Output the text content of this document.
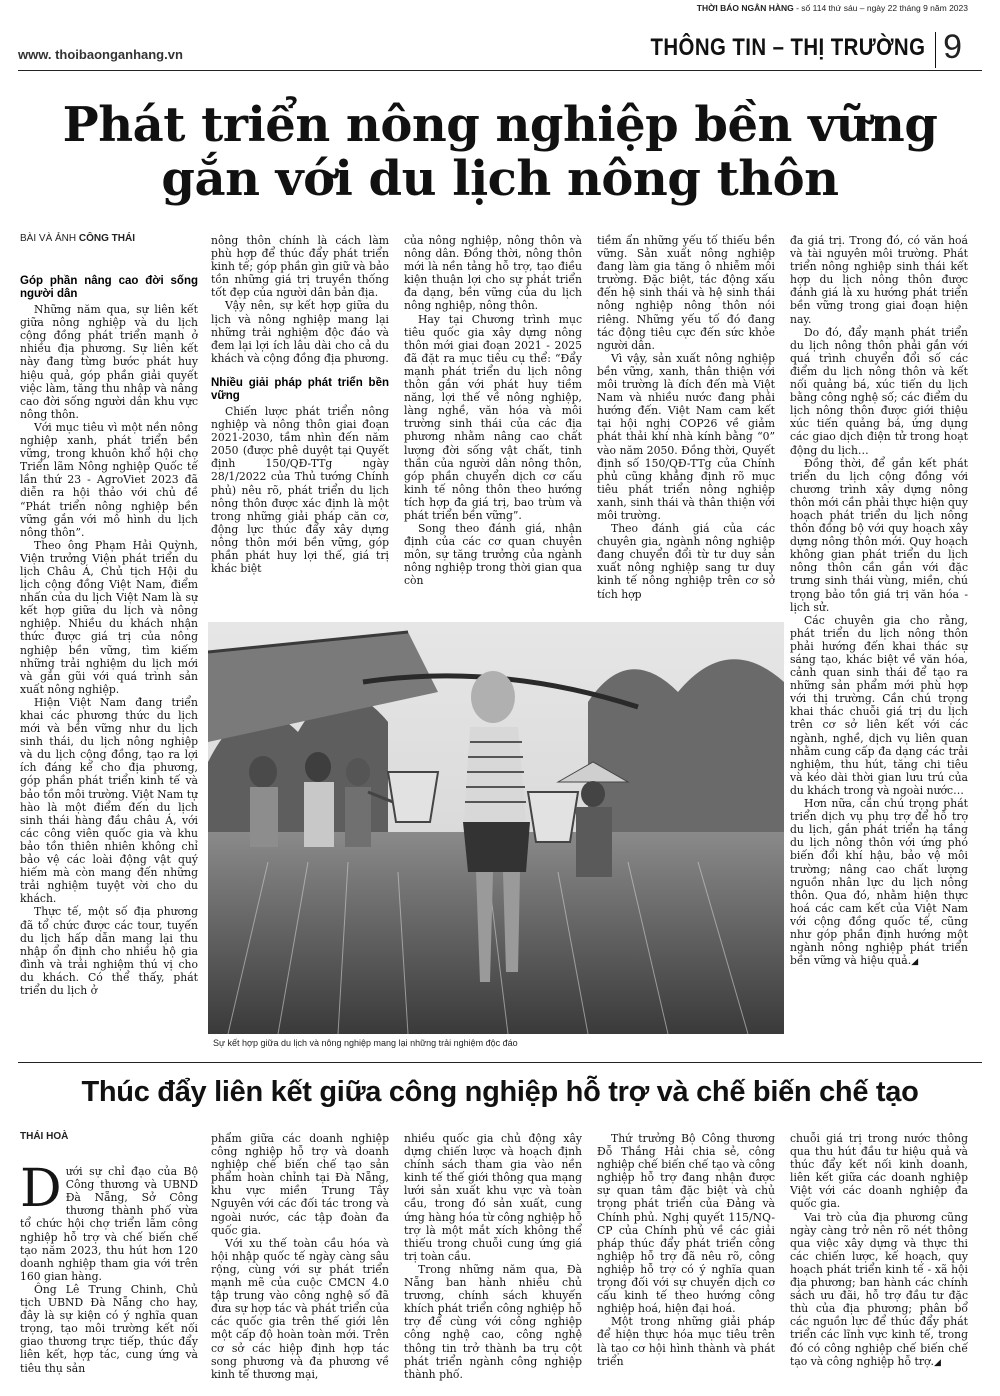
THỜI BÁO NGÂN HÀNG - số 114 thứ sáu – ngày 22 tháng 9 năm 2023
www. thoibaonganhang.vn	THÔNG TIN – THỊ TRƯỜNG 9
Phát triển nông nghiệp bền vững
gắn với du lịch nông thôn
BÀI VÀ ẢNH CÔNG THÁI
Góp phần nâng cao đời sống người dân

Những năm qua, sự liên kết giữa nông nghiệp và du lịch cộng đồng phát triển mạnh ở nhiều địa phương. Sự liên kết này đang từng bước phát huy hiệu quả, góp phần giải quyết việc làm, tăng thu nhập và nâng cao đời sống người dân khu vực nông thôn.

Với mục tiêu vì một nền nông nghiệp xanh, phát triển bền vững, trong khuôn khổ hội chợ Triển lãm Nông nghiệp Quốc tế lần thứ 23 - AgroViet 2023 đã diễn ra hội thảo với chủ đề “Phát triển nông nghiệp bền vững gắn với mô hình du lịch nông thôn”.

Theo ông Phạm Hải Quỳnh, Viện trưởng Viện phát triển du lịch Châu Á, Chủ tịch Hội du lịch cộng đồng Việt Nam, điểm nhấn của du lịch Việt Nam là sự kết hợp giữa du lịch và nông nghiệp. Nhiều du khách nhận thức được giá trị của nông nghiệp bền vững, tìm kiếm những trải nghiệm du lịch mới và gắn gũi với quá trình sản xuất nông nghiệp.

Hiện Việt Nam đang triển khai các phương thức du lịch mới và bền vững như du lịch sinh thái, du lịch nông nghiệp và du lịch cộng đồng, tạo ra lợi ích đáng kể cho địa phương, góp phần phát triển kinh tế và bảo tồn môi trường. Việt Nam tự hào là một điểm đến du lịch sinh thái hàng đầu châu Á, với các công viên quốc gia và khu bảo tồn thiên nhiên không chỉ bảo vệ các loài động vật quý hiếm mà còn mang đến những trải nghiệm tuyệt vời cho du khách.

Thực tế, một số địa phương đã tổ chức được các tour, tuyến du lịch hấp dẫn mang lại thu nhập ổn định cho nhiều hộ gia đình và trải nghiệm thú vị cho du khách. Có thể thấy, phát triển du lịch ở

nông thôn chính là cách làm phù hợp để thúc đẩy phát triển kinh tế; góp phần gìn giữ và bảo tồn những giá trị truyền thống tốt đẹp của người dân bản địa.

Vậy nên, sự kết hợp giữa du lịch và nông nghiệp mang lại những trải nghiệm độc đáo và đem lại lợi ích lâu dài cho cả du khách và cộng đồng địa phương.

Nhiều giải pháp phát triển bền vững

Chiến lược phát triển nông nghiệp và nông thôn giai đoạn 2021-2030, tầm nhìn đến năm 2050 (được phê duyệt tại Quyết định 150/QĐ-TTg ngày 28/1/2022 của Thủ tướng Chính phủ) nêu rõ, phát triển du lịch nông thôn được xác định là một trong những giải pháp căn cơ, động lực thúc đẩy xây dựng nông thôn mới bền vững, góp phần phát huy lợi thế, giá trị khác biệt

của nông nghiệp, nông thôn và nông dân. Đồng thời, nông thôn mới là nền tảng hỗ trợ, tạo điều kiện thuận lợi cho sự phát triển đa dạng, bền vững của du lịch nông nghiệp, nông thôn.

Hay tại Chương trình mục tiêu quốc gia xây dựng nông thôn mới giai đoạn 2021 - 2025 đã đặt ra mục tiêu cụ thể: “Đẩy mạnh phát triển du lịch nông thôn gắn với phát huy tiềm năng, lợi thế về nông nghiệp, làng nghề, văn hóa và môi trường sinh thái của các địa phương nhằm nâng cao chất lượng đời sống vật chất, tinh thần của người dân nông thôn, góp phần chuyển dịch cơ cấu kinh tế nông thôn theo hướng tích hợp đa giá trị, bao trùm và phát triển bền vững”.

Song theo đánh giá, nhận định của các cơ quan chuyên môn, sự tăng trưởng của ngành nông nghiệp trong thời gian qua còn

tiềm ẩn những yếu tố thiếu bền vững. Sản xuất nông nghiệp đang làm gia tăng ô nhiễm môi trường. Đặc biệt, tác động xấu đến hệ sinh thái và hệ sinh thái nông nghiệp nông thôn nói riêng. Những yếu tố đó đang tác động tiêu cực đến sức khỏe người dân.

Vì vậy, sản xuất nông nghiệp bền vững, xanh, thân thiện với môi trường là đích đến mà Việt Nam và nhiều nước đang phải hướng đến. Việt Nam cam kết tại hội nghị COP26 về giảm phát thải khí nhà kính bằng “0” vào năm 2050. Đồng thời, Quyết định số 150/QĐ-TTg của Chính phủ cũng khẳng định rõ mục tiêu phát triển nông nghiệp xanh, sinh thái và thân thiện với môi trường.

Theo đánh giá của các chuyên gia, ngành nông nghiệp đang chuyển đổi từ tư duy sản xuất nông nghiệp sang tư duy kinh tế nông nghiệp trên cơ sở tích hợp

đa giá trị. Trong đó, có văn hoá và tài nguyên môi trường. Phát triển nông nghiệp sinh thái kết hợp du lịch nông thôn được đánh giá là xu hướng phát triển bền vững trong giai đoạn hiện nay.

Do đó, đẩy mạnh phát triển du lịch nông thôn phải gắn với quá trình chuyển đổi số các điểm du lịch nông thôn và kết nối quảng bá, xúc tiến du lịch bằng công nghệ số; các điểm du lịch nông thôn được giới thiệu xúc tiến quảng bá, ứng dụng các giao dịch điện tử trong hoạt động du lịch…

Đồng thời, để gắn kết phát triển du lịch cộng đồng với chương trình xây dựng nông thôn mới cần phải thực hiện quy hoạch phát triển du lịch nông thôn đồng bộ với quy hoạch xây dựng nông thôn mới. Quy hoạch không gian phát triển du lịch nông thôn cần gắn với đặc trưng sinh thái vùng, miền, chú trọng bảo tồn giá trị văn hóa - lịch sử.

Các chuyên gia cho rằng, phát triển du lịch nông thôn phải hướng đến khai thác sự sáng tạo, khác biệt về văn hóa, cảnh quan sinh thái để tạo ra những sản phẩm mới phù hợp với thị trường. Cần chú trọng khai thác chuỗi giá trị du lịch trên cơ sở liên kết với các ngành, nghề, dịch vụ liên quan nhằm cung cấp đa dạng các trải nghiệm, thu hút, tăng chi tiêu và kéo dài thời gian lưu trú của du khách trong và ngoài nước…

Hơn nữa, cần chú trọng phát triển dịch vụ phụ trợ để hỗ trợ du lịch, gắn phát triển hạ tầng du lịch nông thôn với ứng phó biến đổi khí hậu, bảo vệ môi trường; nâng cao chất lượng nguồn nhân lực du lịch nông thôn. Qua đó, nhằm hiện thực hoá các cam kết của Việt Nam với cộng đồng quốc tế, cũng như góp phần định hướng một ngành nông nghiệp phát triển bền vững và hiệu quả.◢

Sự kết hợp giữa du lịch và nông nghiệp mang lại những trải nghiệm độc đáo
Thúc đẩy liên kết giữa công nghiệp hỗ trợ và chế biến chế tạo
THÁI HOÀ

Dưới sự chỉ đạo của Bộ Công thương và UBND Đà Nẵng, Sở Công thương thành phố vừa tổ chức hội chợ triển lãm công nghiệp hỗ trợ và chế biến chế tạo năm 2023, thu hút hơn 120 doanh nghiệp tham gia với trên 160 gian hàng.

Ông Lê Trung Chinh, Chủ tịch UBND Đà Nẵng cho hay, đây là sự kiện có ý nghĩa quan trọng, tạo môi trường kết nối giao thương trực tiếp, thúc đẩy liên kết, hợp tác, cung ứng và tiêu thụ sản

phẩm giữa các doanh nghiệp công nghiệp hỗ trợ và doanh nghiệp chế biến chế tạo sản phẩm hoàn chỉnh tại Đà Nẵng, khu vực miền Trung Tây Nguyên với các đối tác trong và ngoài nước, các tập đoàn đa quốc gia.

Với xu thế toàn cầu hóa và hội nhập quốc tế ngày càng sâu rộng, cùng với sự phát triển mạnh mẽ của cuộc CMCN 4.0 tập trung vào công nghệ số đã đưa sự hợp tác và phát triển của các quốc gia trên thế giới lên một cấp độ hoàn toàn mới. Trên cơ sở các hiệp định hợp tác song phương và đa phương về kinh tế thương mại,

nhiều quốc gia chủ động xây dựng chiến lược và hoạch định chính sách tham gia vào nền kinh tế thế giới thông qua mạng lưới sản xuất khu vực và toàn cầu, trong đó sản xuất, cung ứng hàng hóa từ công nghiệp hỗ trợ là một mắt xích không thể thiếu trong chuỗi cung ứng giá trị toàn cầu.

Trong những năm qua, Đà Nẵng ban hành nhiều chủ trương, chính sách khuyến khích phát triển công nghiệp hỗ trợ để cùng với công nghiệp công nghệ cao, công nghệ thông tin trở thành ba trụ cột phát triển ngành công nghiệp thành phố.

Thứ trưởng Bộ Công thương Đỗ Thắng Hải chia sẻ, công nghiệp chế biến chế tạo và công nghiệp hỗ trợ đang nhận được sự quan tâm đặc biệt và chủ trọng phát triển của Đảng và Chính phủ. Nghị quyết 115/NQ-CP của Chính phủ về các giải pháp thúc đẩy phát triển công nghiệp hỗ trợ đã nêu rõ, công nghiệp hỗ trợ có ý nghĩa quan trọng đối với sự chuyển dịch cơ cấu kinh tế theo hướng công nghiệp hoá, hiện đại hoá.

Một trong những giải pháp để hiện thực hóa mục tiêu trên là tạo cơ hội hình thành và phát triển

chuỗi giá trị trong nước thông qua thu hút đầu tư hiệu quả và thúc đẩy kết nối kinh doanh, liên kết giữa các doanh nghiệp Việt với các doanh nghiệp đa quốc gia.

Vai trò của địa phương cũng ngày càng trở nên rõ nét thông qua việc xây dựng và thực thi các chiến lược, kế hoạch, quy hoạch phát triển kinh tế - xã hội địa phương; ban hành các chính sách ưu đãi, hỗ trợ đầu tư đặc thù của địa phương; phân bổ các nguồn lực để thúc đẩy phát triển các lĩnh vực kinh tế, trong đó có công nghiệp chế biến chế tạo và công nghiệp hỗ trợ.◢
